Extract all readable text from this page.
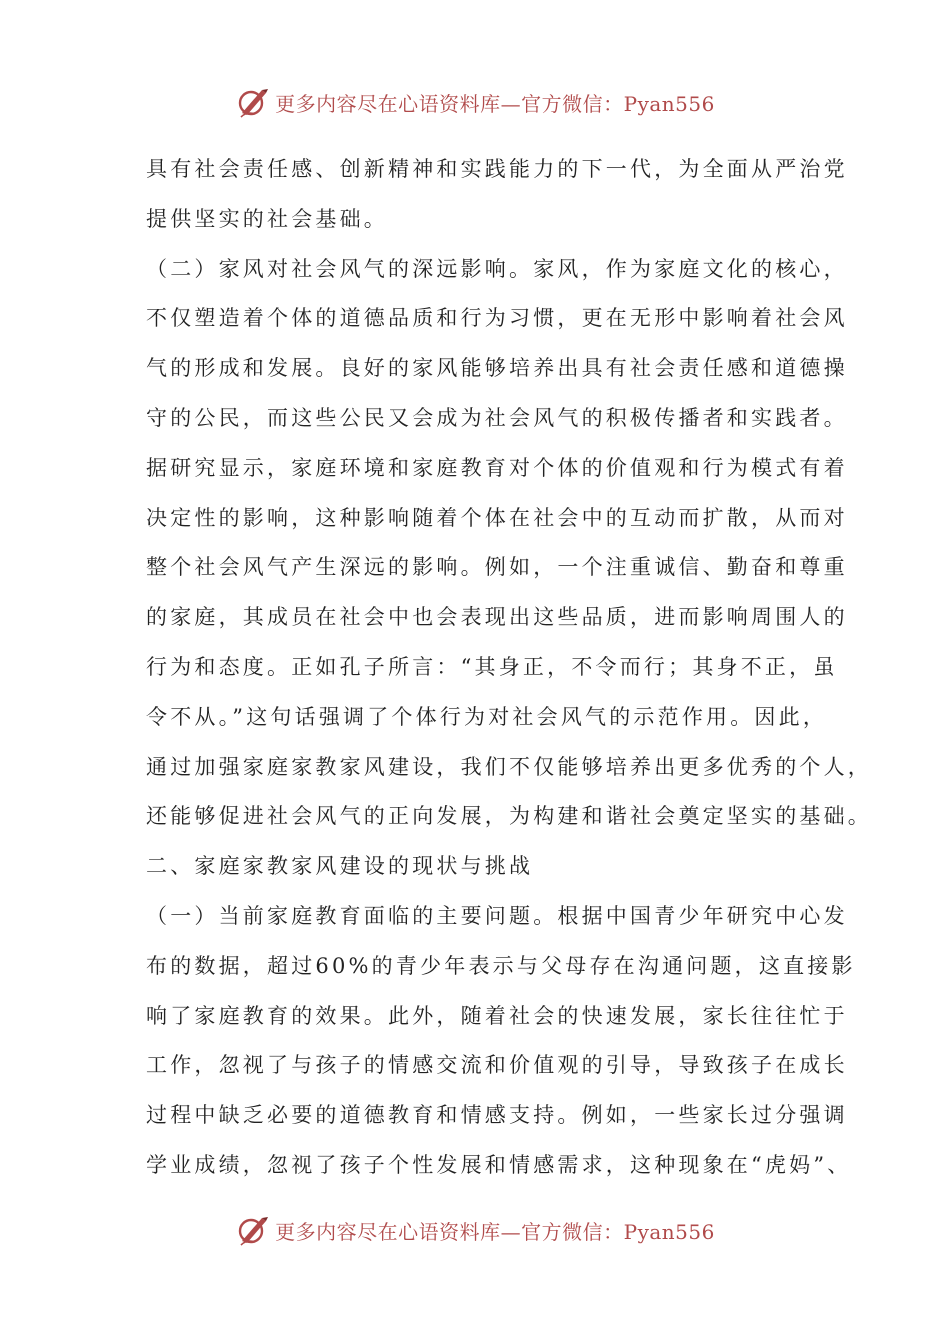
更多内容尽在心语资料库—官方微信：Pyan556
具有社会责任感、创新精神和实践能力的下一代，为全面从严治党
提供坚实的社会基础。
（二）家风对社会风气的深远影响。家风，作为家庭文化的核心，
不仅塑造着个体的道德品质和行为习惯，更在无形中影响着社会风
气的形成和发展。良好的家风能够培养出具有社会责任感和道德操
守的公民，而这些公民又会成为社会风气的积极传播者和实践者。
据研究显示，家庭环境和家庭教育对个体的价值观和行为模式有着
决定性的影响，这种影响随着个体在社会中的互动而扩散，从而对
整个社会风气产生深远的影响。例如，一个注重诚信、勤奋和尊重
的家庭，其成员在社会中也会表现出这些品质，进而影响周围人的
行为和态度。正如孔子所言：“其身正，不令而行；其身不正，虽
令不从。”这句话强调了个体行为对社会风气的示范作用。因此，
通过加强家庭家教家风建设，我们不仅能够培养出更多优秀的个人，
还能够促进社会风气的正向发展，为构建和谐社会奠定坚实的基础。
二、家庭家教家风建设的现状与挑战
（一）当前家庭教育面临的主要问题。根据中国青少年研究中心发
布的数据，超过60%的青少年表示与父母存在沟通问题，这直接影
响了家庭教育的效果。此外，随着社会的快速发展，家长往往忙于
工作，忽视了与孩子的情感交流和价值观的引导，导致孩子在成长
过程中缺乏必要的道德教育和情感支持。例如，一些家长过分强调
学业成绩，忽视了孩子个性发展和情感需求，这种现象在“虎妈”、
更多内容尽在心语资料库—官方微信：Pyan556
